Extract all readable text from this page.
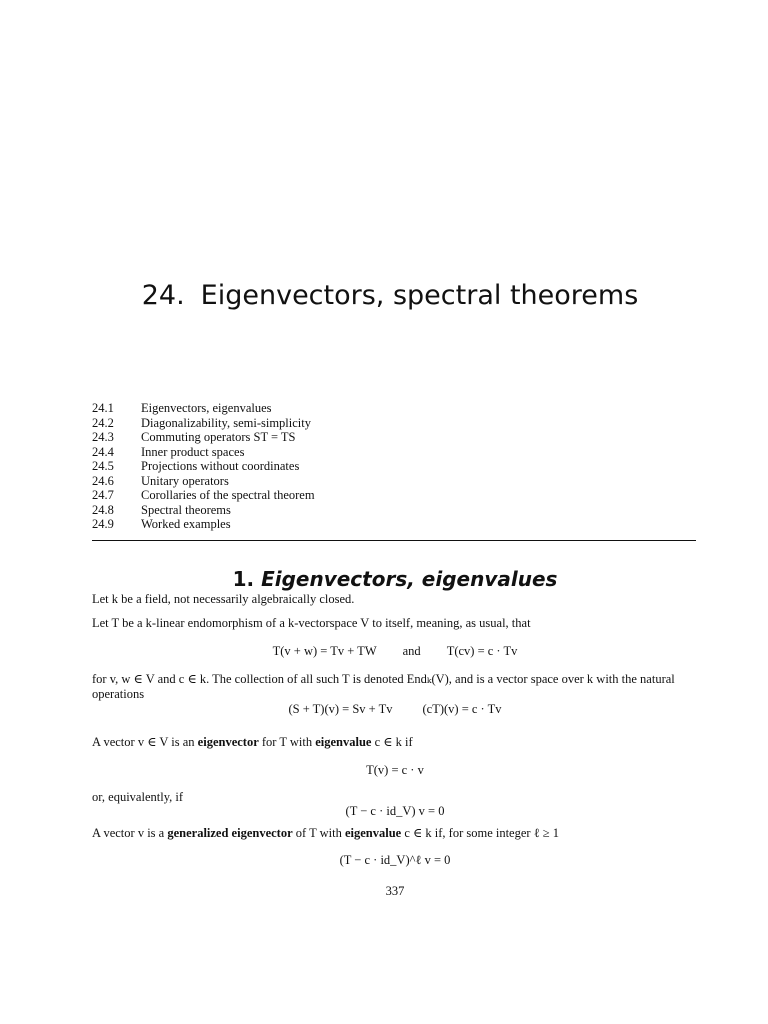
24. Eigenvectors, spectral theorems
24.1	Eigenvectors, eigenvalues
24.2	Diagonalizability, semi-simplicity
24.3	Commuting operators ST = TS
24.4	Inner product spaces
24.5	Projections without coordinates
24.6	Unitary operators
24.7	Corollaries of the spectral theorem
24.8	Spectral theorems
24.9	Worked examples
1. Eigenvectors, eigenvalues

Let k be a field, not necessarily algebraically closed.

Let T be a k-linear endomorphism of a k-vectorspace V to itself, meaning, as usual, that

T(v + w) = Tv + TW and T(cv) = c · Tv

for v, w ∈ V and c ∈ k. The collection of all such T is denoted Endₖ(V), and is a vector space over k with the natural operations

(S + T)(v) = Sv + Tv (cT)(v) = c · Tv

A vector v ∈ V is an eigenvector for T with eigenvalue c ∈ k if

T(v) = c · v

or, equivalently, if

(T − c · id_V) v = 0

A vector v is a generalized eigenvector of T with eigenvalue c ∈ k if, for some integer ℓ ≥ 1

(T − c · id_V)^ℓ v = 0
337
